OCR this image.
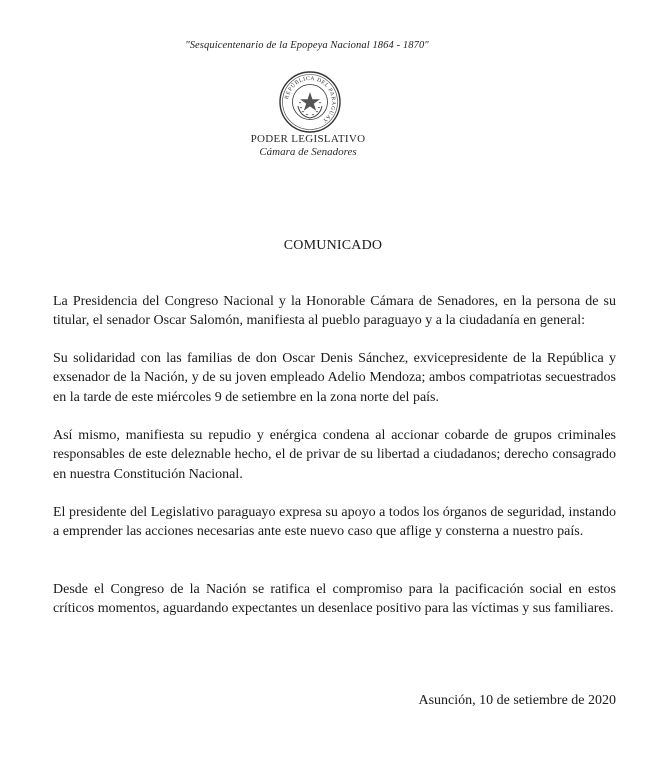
"Sesquicentenario de la Epopeya Nacional 1864 - 1870"
REPÚBLICA DEL PARAGUAY
PODER LEGISLATIVO
Cámara de Senadores
COMUNICADO

La Presidencia del Congreso Nacional y la Honorable Cámara de Senadores, en la persona de su titular, el senador Oscar Salomón, manifiesta al pueblo paraguayo y a la ciudadanía en general:

Su solidaridad con las familias de don Oscar Denis Sánchez, exvicepresidente de la República y exsenador de la Nación, y de su joven empleado Adelio Mendoza; ambos compatriotas secuestrados en la tarde de este miércoles 9 de setiembre en la zona norte del país.

Así mismo, manifiesta su repudio y enérgica condena al accionar cobarde de grupos criminales responsables de este deleznable hecho, el de privar de su libertad a ciudadanos; derecho consagrado en nuestra Constitución Nacional.

El presidente del Legislativo paraguayo expresa su apoyo a todos los órganos de seguridad, instando a emprender las acciones necesarias ante este nuevo caso que aflige y consterna a nuestro país.

Desde el Congreso de la Nación se ratifica el compromiso para la pacificación social en estos críticos momentos, aguardando expectantes un desenlace positivo para las víctimas y sus familiares.

Asunción, 10 de setiembre de 2020
